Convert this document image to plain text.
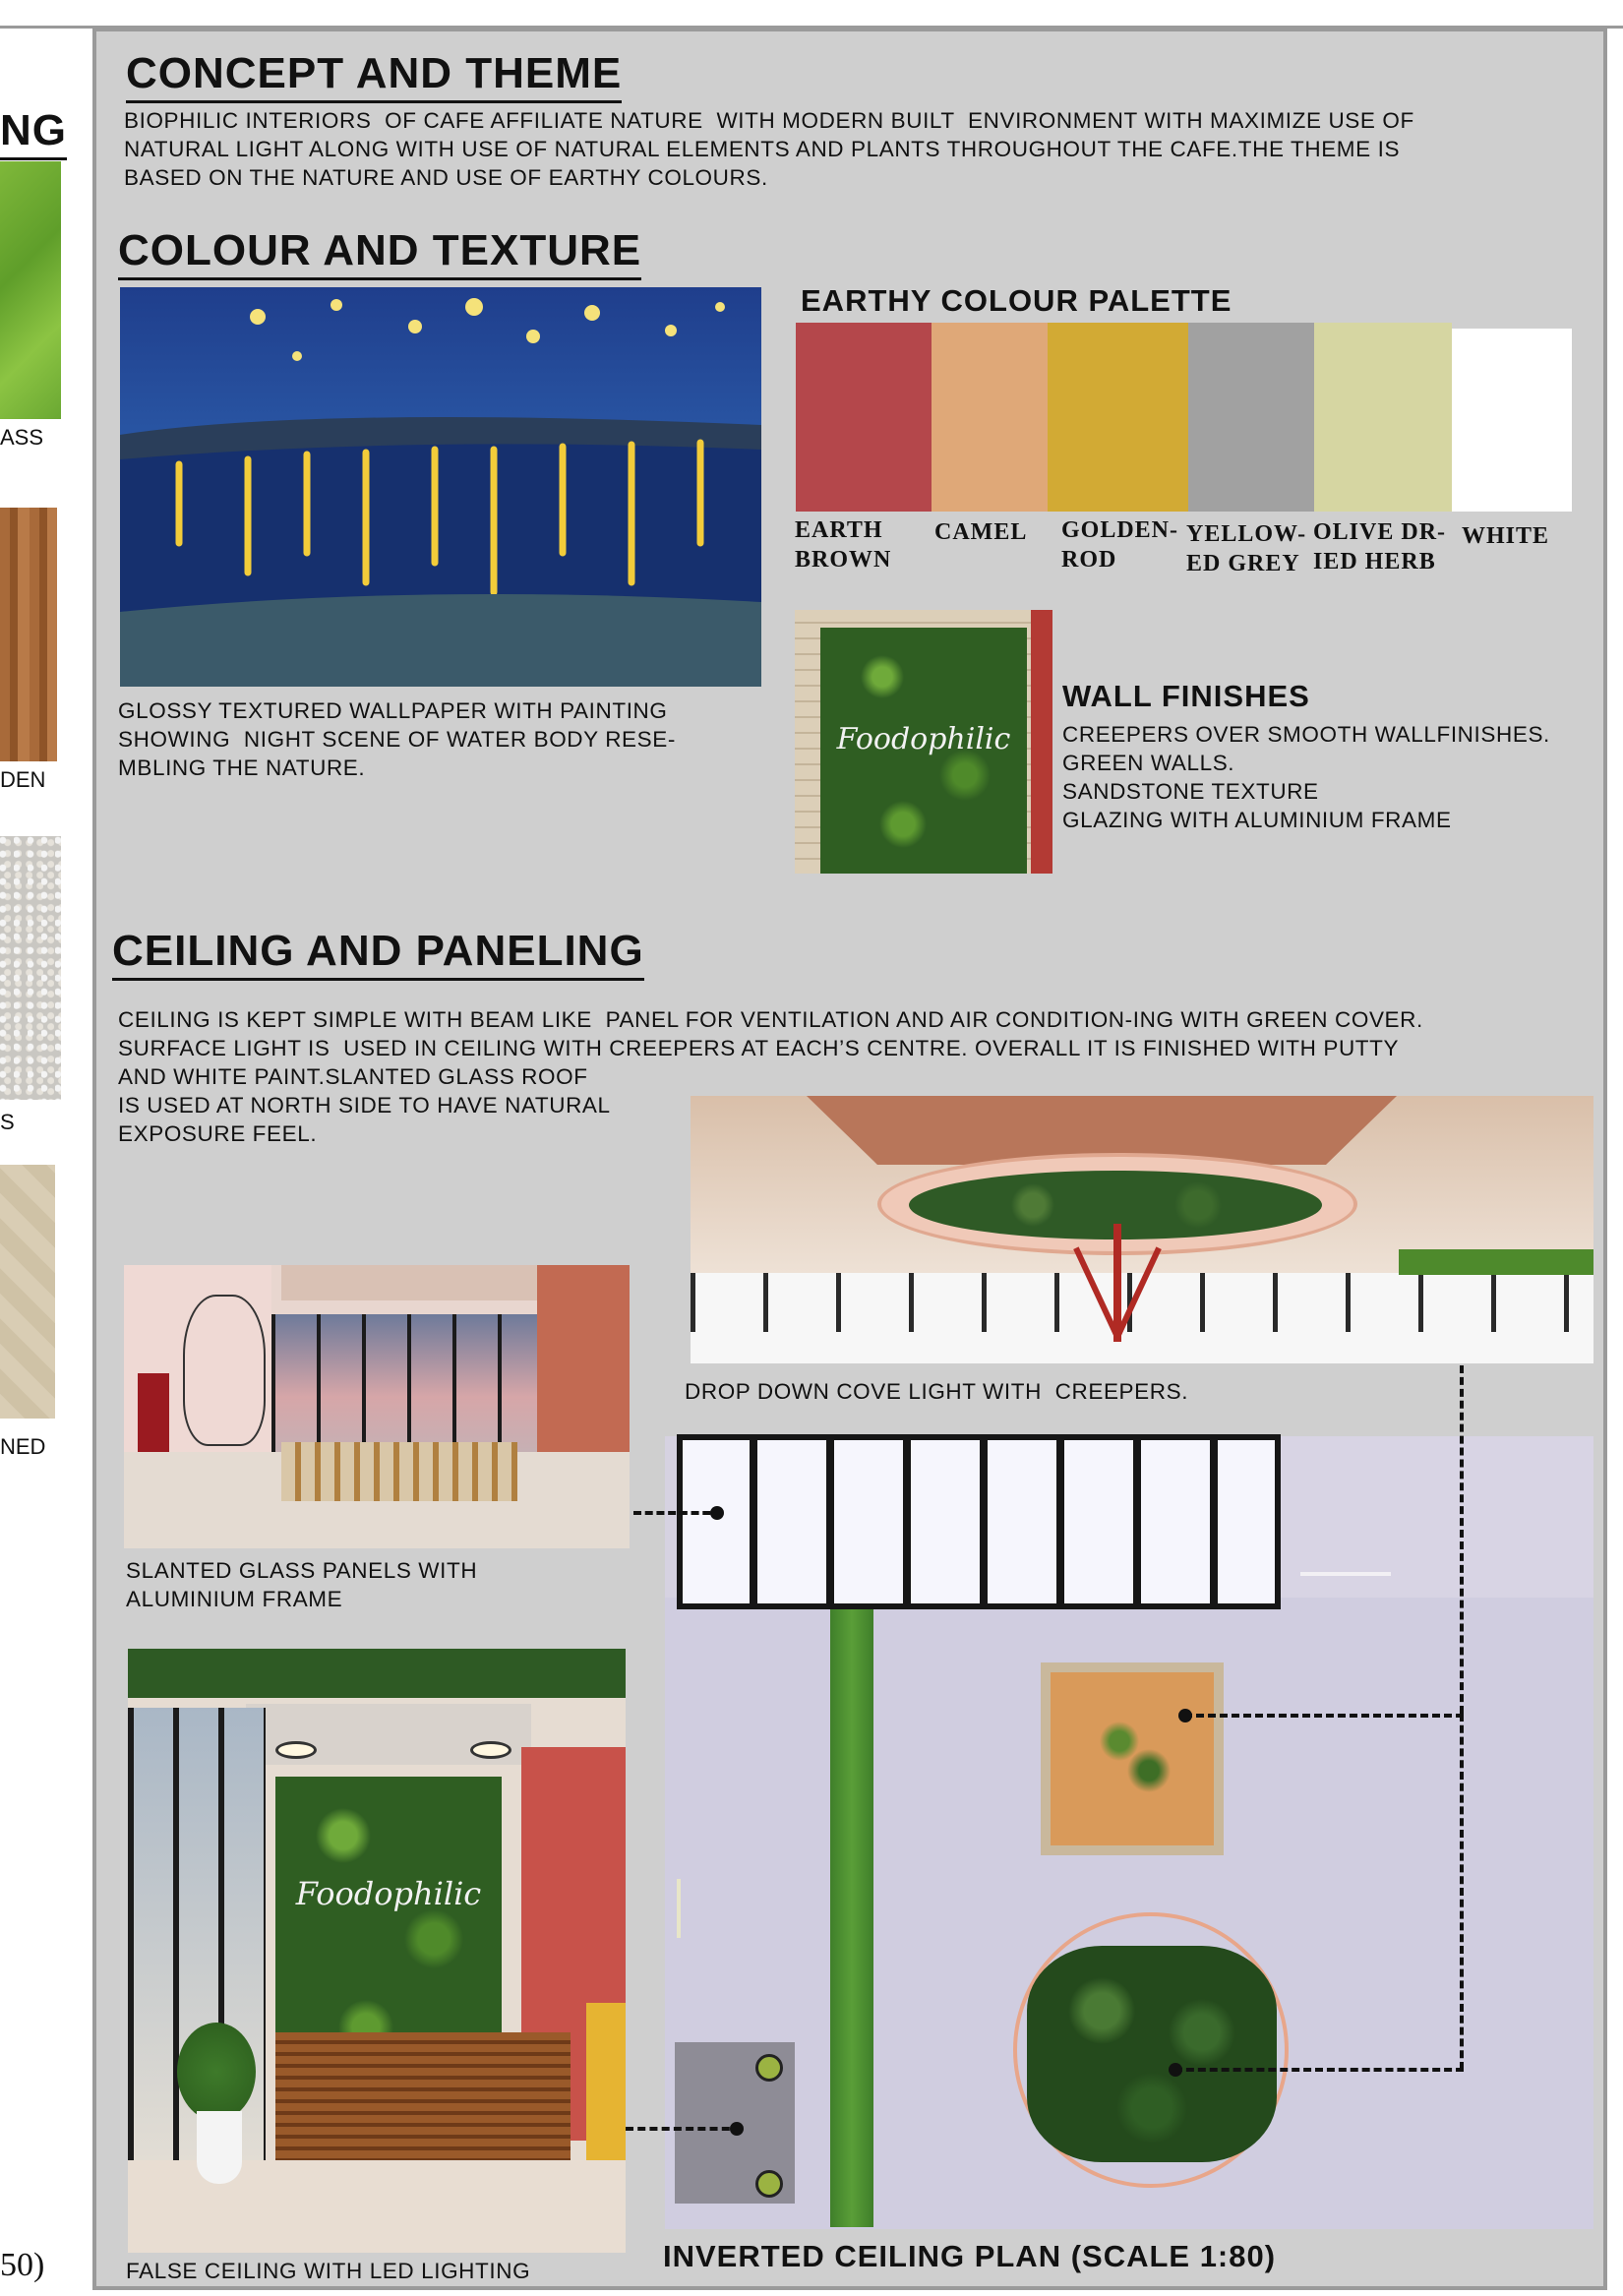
NG
ASS
DEN
S
NED
50)
CONCEPT AND THEME
BIOPHILIC INTERIORS  OF CAFE AFFILIATE NATURE  WITH MODERN BUILT  ENVIRONMENT WITH MAXIMIZE USE OF
NATURAL LIGHT ALONG WITH USE OF NATURAL ELEMENTS AND PLANTS THROUGHOUT THE CAFE.THE THEME IS
BASED ON THE NATURE AND USE OF EARTHY COLOURS.
COLOUR AND TEXTURE
GLOSSY TEXTURED WALLPAPER WITH PAINTING
SHOWING  NIGHT SCENE OF WATER BODY RESE-
MBLING THE NATURE.
EARTHY COLOUR PALETTE
EARTH
BROWN
CAMEL GOLDEN-
ROD
YELLOW-
ED GREY
OLIVE DR-
IED HERB
WHITE
Foodophilic
WALL FINISHES
CREEPERS OVER SMOOTH WALLFINISHES.
GREEN WALLS.
SANDSTONE TEXTURE
GLAZING WITH ALUMINIUM FRAME
CEILING AND PANELING
CEILING IS KEPT SIMPLE WITH BEAM LIKE  PANEL FOR VENTILATION AND AIR CONDITION-ING WITH GREEN COVER.
SURFACE LIGHT IS  USED IN CEILING WITH CREEPERS AT EACH’S CENTRE. OVERALL IT IS FINISHED WITH PUTTY
AND WHITE PAINT.SLANTED GLASS ROOF
IS USED AT NORTH SIDE TO HAVE NATURAL
EXPOSURE FEEL.
DROP DOWN COVE LIGHT WITH  CREEPERS.
SLANTED GLASS PANELS WITH
ALUMINIUM FRAME
Foodophilic
FALSE CEILING WITH LED LIGHTING	INVERTED CEILING PLAN (SCALE 1:80)
